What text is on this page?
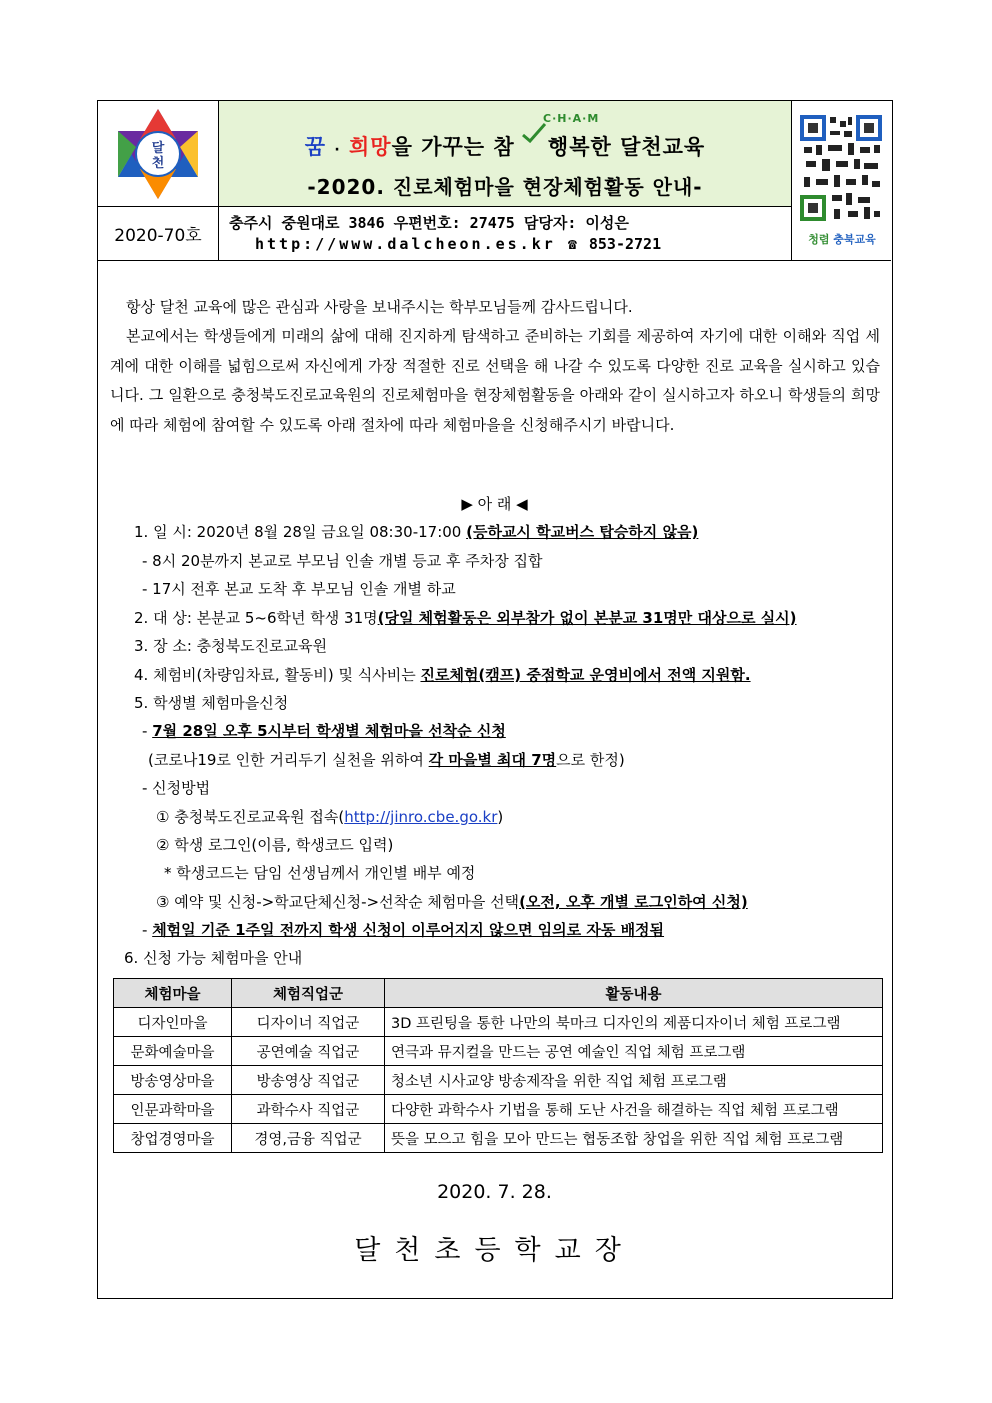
달 천
2020-70호
C·H·A·M
꿈 · 희망을 가꾸는 참 행복한 달천교육
-2020. 진로체험마을 현장체험활동 안내-
충주시 중원대로 3846 우편번호: 27475 담당자: 이성은
http://www.dalcheon.es.kr ☎ 853-2721	청렴 충북교육

항상 달천 교육에 많은 관심과 사랑을 보내주시는 학부모님들께 감사드립니다.

본교에서는 학생들에게 미래의 삶에 대해 진지하게 탐색하고 준비하는 기회를 제공하여 자기에 대한 이해와 직업 세계에 대한 이해를 넓힘으로써 자신에게 가장 적절한 진로 선택을 해 나갈 수 있도록 다양한 진로 교육을 실시하고 있습니다. 그 일환으로 충청북도진로교육원의 진로체험마을 현장체험활동을 아래와 같이 실시하고자 하오니 학생들의 희망에 따라 체험에 참여할 수 있도록 아래 절차에 따라 체험마을을 신청해주시기 바랍니다.

▶ 아 래 ◀
1. 일 시: 2020년 8월 28일 금요일 08:30-17:00 (등하교시 학교버스 탑승하지 않음)
- 8시 20분까지 본교로 부모님 인솔 개별 등교 후 주차장 집합
- 17시 전후 본교 도착 후 부모님 인솔 개별 하교
2. 대 상: 본분교 5~6학년 학생 31명(당일 체험활동은 외부참가 없이 본분교 31명만 대상으로 실시)
3. 장 소: 충청북도진로교육원
4. 체험비(차량임차료, 활동비) 및 식사비는 진로체험(캠프) 중점학교 운영비에서 전액 지원함.
5. 학생별 체험마을신청
- 7월 28일 오후 5시부터 학생별 체험마을 선착순 신청
(코로나19로 인한 거리두기 실천을 위하여 각 마을별 최대 7명으로 한정)
- 신청방법
① 충청북도진로교육원 접속(http://jinro.cbe.go.kr)
② 학생 로그인(이름, 학생코드 입력)
* 학생코드는 담임 선생님께서 개인별 배부 예정
③ 예약 및 신청->학교단체신청->선착순 체험마을 선택(오전, 오후 개별 로그인하여 신청)
- 체험일 기준 1주일 전까지 학생 신청이 이루어지지 않으면 임의로 자동 배정됨
6. 신청 가능 체험마을 안내
체험마을	체험직업군	활동내용
디자인마을	디자이너 직업군	3D 프린팅을 통한 나만의 북마크 디자인의 제품디자이너 체험 프로그램
문화예술마을	공연예술 직업군	연극과 뮤지컬을 만드는 공연 예술인 직업 체험 프로그램
방송영상마을	방송영상 직업군	청소년 시사교양 방송제작을 위한 직업 체험 프로그램
인문과학마을	과학수사 직업군	다양한 과학수사 기법을 통해 도난 사건을 해결하는 직업 체험 프로그램
창업경영마을	경영,금융 직업군	뜻을 모으고 힘을 모아 만드는 협동조합 창업을 위한 직업 체험 프로그램
2020. 7. 28.
달천초등학교장
